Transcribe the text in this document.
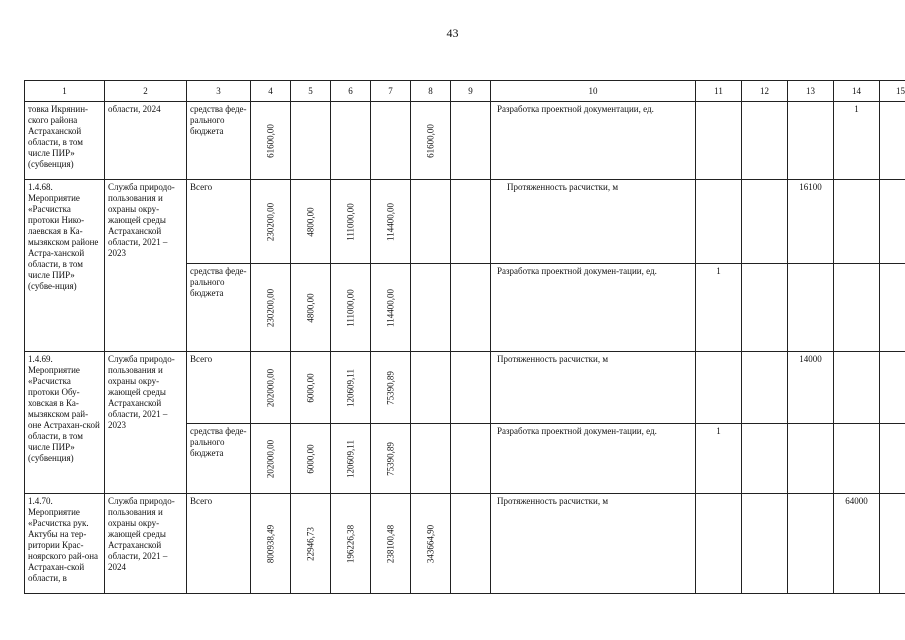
43
1	2	3	4	5	6	7	8	9	10	11	12	13	14	15
товка Икрянин-ского района Астраханской области, в том числе ПИР» (субвенция)	области, 2024	средства феде-рального бюджета	61600,00				61600,00		Разработка проектной документации, ед.				1	
1.4.68. Мероприятие «Расчистка протоки Нико-лаевская в Ка-мызякском районе Астра-ханской области, в том числе ПИР» (субве-нция)	Служба природо-пользования и охраны окру-жающей среды Астраханской области, 2021 – 2023	Всего	230200,00	4800,00	111000,00	114400,00			Протяженность расчистки, м			16100		
		средства феде-рального бюджета	230200,00	4800,00	111000,00	114400,00			Разработка проектной докумен-тации, ед.	1				
1.4.69. Мероприятие «Расчистка протоки Обу-ховская в Ка-мызякском рай-оне Астрахан-ской области, в том числе ПИР» (субвенция)	Служба природо-пользования и охраны окру-жающей среды Астраханской области, 2021 – 2023	Всего	202000,00	6000,00	120609,11	75390,89			Протяженность расчистки, м			14000		
		средства феде-рального бюджета	202000,00	6000,00	120609,11	75390,89			Разработка проектной докумен-тации, ед.	1				
1.4.70. Мероприятие «Расчистка рук. Актубы на тер-ритории Крас-ноярского рай-она Астрахан-ской области, в	Служба природо-пользования и охраны окру-жающей среды Астраханской области, 2021 – 2024	Всего	800938,49	22946,73	196226,38	238100,48	343664,90		Протяженность расчистки, м				64000	
